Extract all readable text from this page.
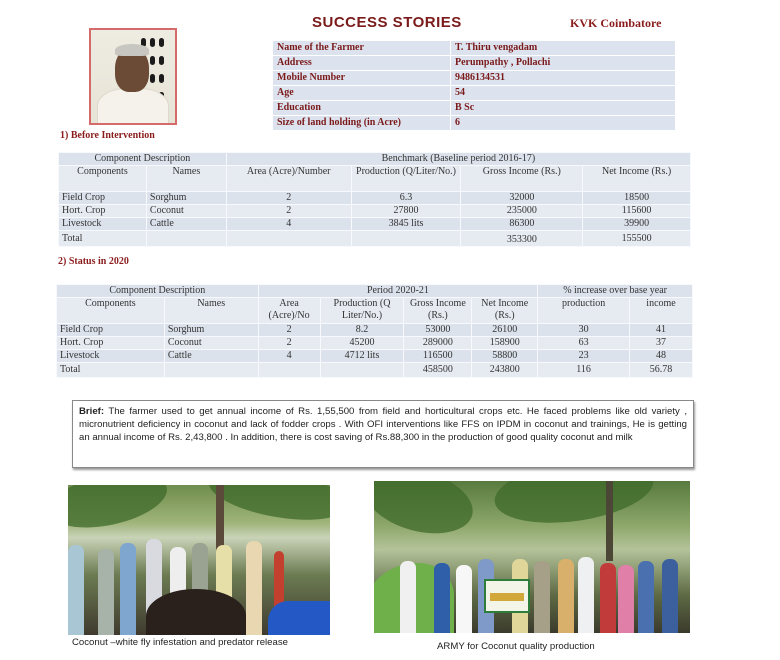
SUCCESS STORIES	KVK Coimbatore

Name of the Farmer	T. Thiru vengadam
Address	Perumpathy , Pollachi
Mobile Number	9486134531
Age	54
Education	B Sc
Size of land holding (in Acre)	6
1) Before Intervention
Component Description		Benchmark (Baseline period 2016-17)			
Components	Names	Area (Acre)/Number	Production (Q/Liter/No.)	Gross Income (Rs.)	Net Income (Rs.)
Field Crop	Sorghum	2	6.3	32000	18500
Hort. Crop	Coconut	2	27800	235000	115600
Livestock	Cattle	4	3845 lits	86300	39900
Total				353300	155500
2) Status in 2020
Component Description		Period 2020-21				% increase over base year	
Components	Names	Area (Acre)/No	Production (Q Liter/No.)	Gross Income (Rs.)	Net Income (Rs.)	production	income
Field Crop	Sorghum	2	8.2	53000	26100	30	41
Hort. Crop	Coconut	2	45200	289000	158900	63	37
Livestock	Cattle	4	4712 lits	116500	58800	23	48
Total				458500	243800	116	56.78
Brief: The farmer used to get annual income of Rs. 1,55,500 from field and horticultural crops etc. He faced problems like old variety , micronutrient deficiency in coconut and lack of fodder crops . With OFI interventions like FFS on IPDM in coconut and trainings, He is getting an annual income of Rs. 2,43,800 . In addition, there is cost saving of Rs.88,300 in the production of good quality coconut and milk
Coconut –white fly infestation and predator release	ARMY for Coconut quality production
